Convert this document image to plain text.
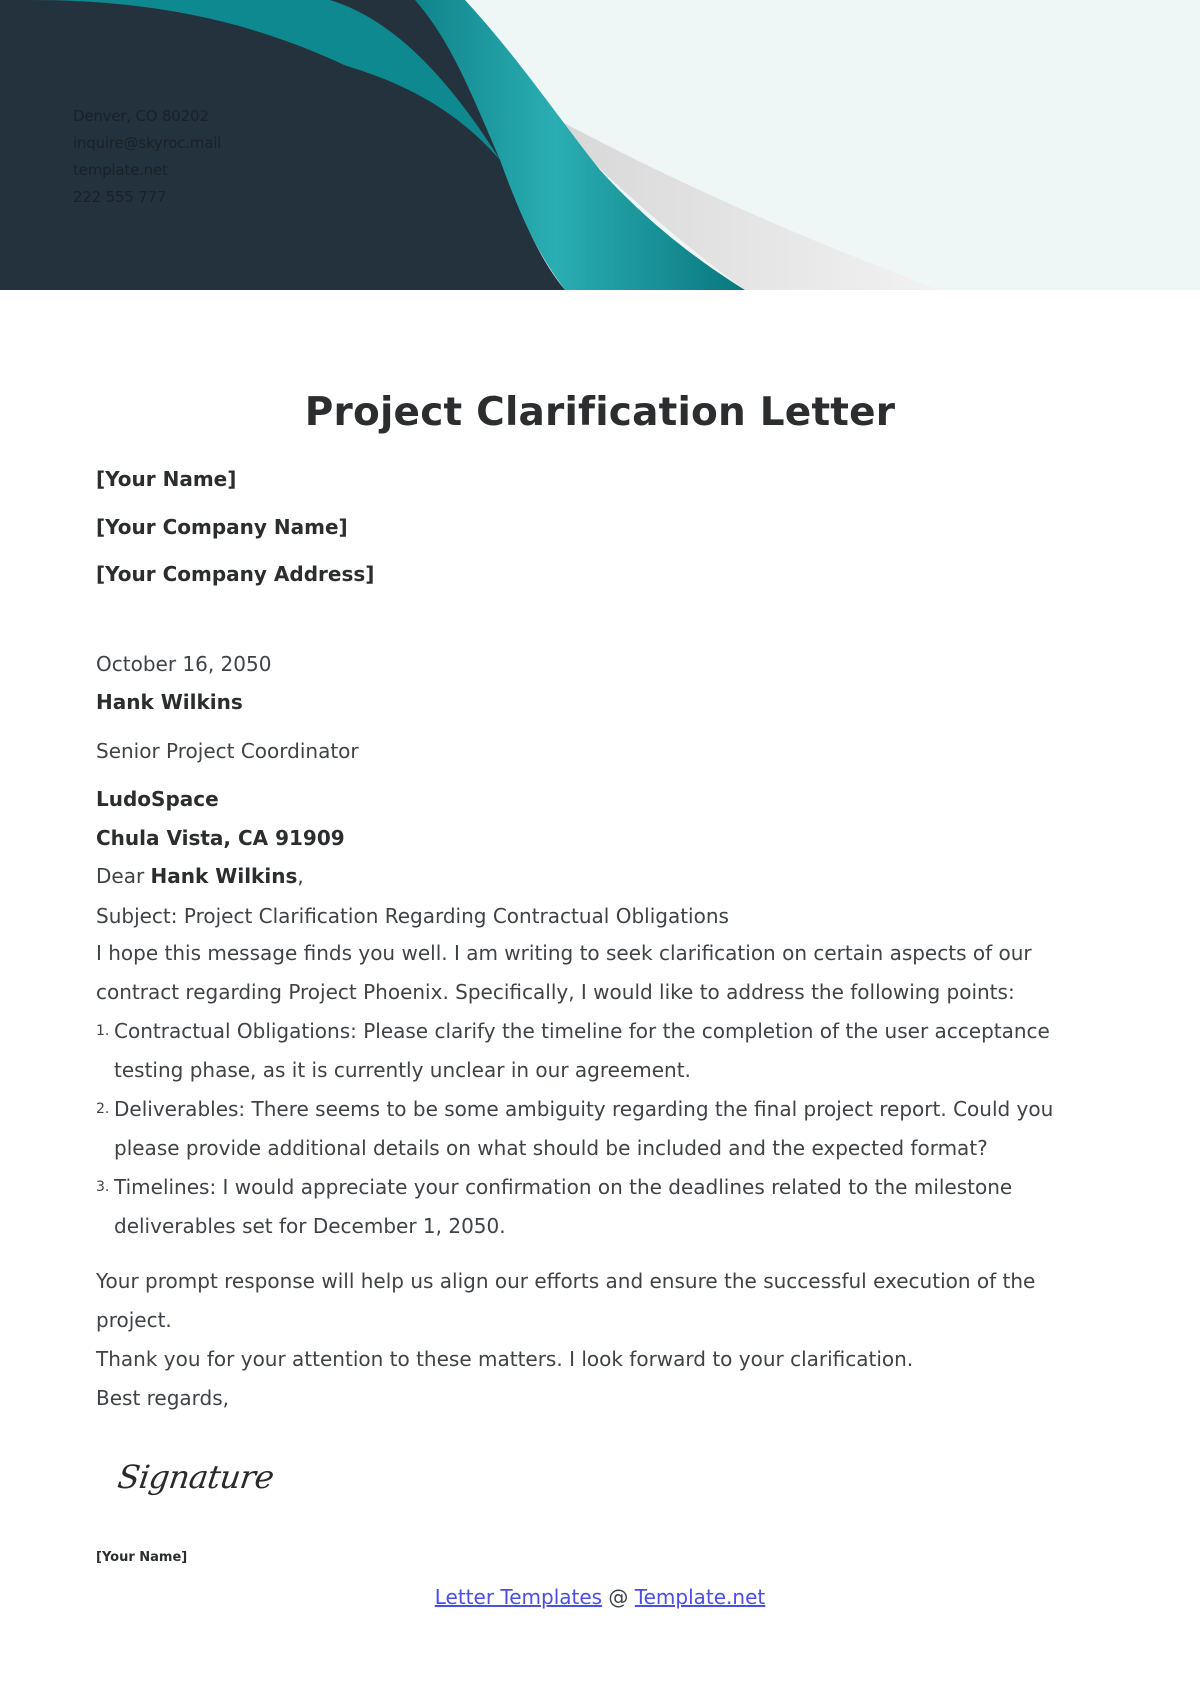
Denver, CO 80202
inquire@skyroc.mail
template.net
222 555 777
Project Clarification Letter
[Your Name]
[Your Company Name]
[Your Company Address]
October 16, 2050
Hank Wilkins
Senior Project Coordinator
LudoSpace
Chula Vista, CA 91909
Dear Hank Wilkins,
Subject: Project Clarification Regarding Contractual Obligations

I hope this message finds you well. I am writing to seek clarification on certain aspects of our contract regarding Project Phoenix. Specifically, I would like to address the following points:

1. Contractual Obligations: Please clarify the timeline for the completion of the user acceptance testing phase, as it is currently unclear in our agreement.
2. Deliverables: There seems to be some ambiguity regarding the final project report. Could you please provide additional details on what should be included and the expected format?
3. Timelines: I would appreciate your confirmation on the deadlines related to the milestone deliverables set for December 1, 2050.

Your prompt response will help us align our efforts and ensure the successful execution of the project.

Thank you for your attention to these matters. I look forward to your clarification.

Best regards,

Signature
[Your Name]
Letter Templates @ Template.net
